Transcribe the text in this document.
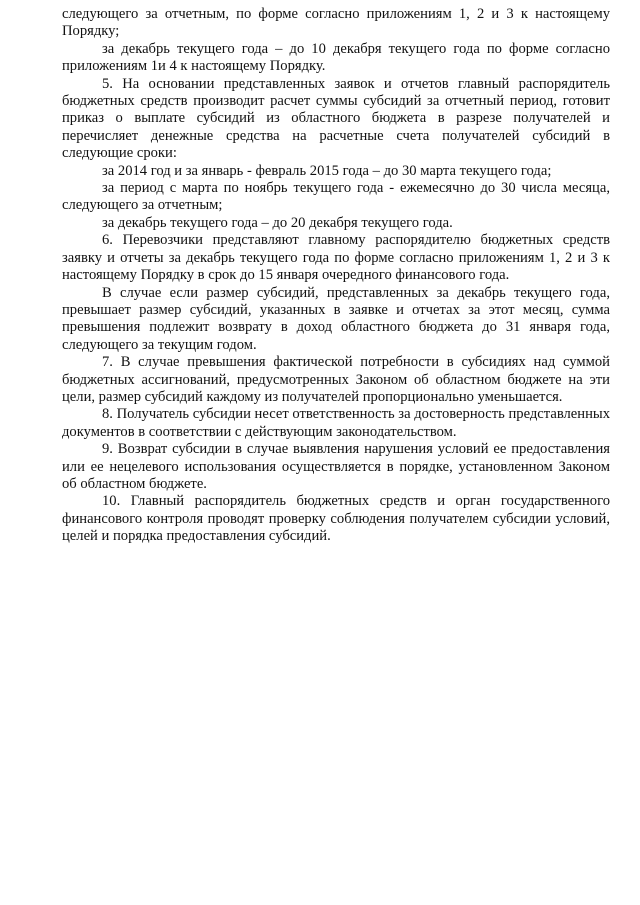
следующего за отчетным, по форме согласно приложениям 1, 2 и 3 к настоящему Порядку;

за декабрь текущего года – до 10 декабря текущего года по форме согласно приложениям 1и 4 к настоящему Порядку.

5. На основании представленных заявок и отчетов главный распорядитель бюджетных средств производит расчет суммы субсидий за отчетный период, готовит приказ о выплате субсидий из областного бюджета в разрезе получателей и перечисляет денежные средства на расчетные счета получателей субсидий в следующие сроки:

за 2014 год и за январь - февраль 2015 года – до 30 марта текущего года;

за период с марта по ноябрь текущего года - ежемесячно до 30 числа месяца, следующего за отчетным;

за декабрь текущего года – до 20 декабря текущего года.

6. Перевозчики представляют главному распорядителю бюджетных средств заявку и отчеты за декабрь текущего года по форме согласно приложениям 1, 2 и 3 к настоящему Порядку в срок до 15 января очередного финансового года.

В случае если размер субсидий, представленных за декабрь текущего года, превышает размер субсидий, указанных в заявке и отчетах за этот месяц, сумма превышения подлежит возврату в доход областного бюджета до 31 января года, следующего за текущим годом.

7. В случае превышения фактической потребности в субсидиях над суммой бюджетных ассигнований, предусмотренных Законом об областном бюджете на эти цели, размер субсидий каждому из получателей пропорционально уменьшается.

8. Получатель субсидии несет ответственность за достоверность представленных документов в соответствии с действующим законодательством.

9. Возврат субсидии в случае выявления нарушения условий ее предоставления или ее нецелевого использования осуществляется в порядке, установленном Законом об областном бюджете.

10. Главный распорядитель бюджетных средств и орган государственного финансового контроля проводят проверку соблюдения получателем субсидии условий, целей и порядка предоставления субсидий.
